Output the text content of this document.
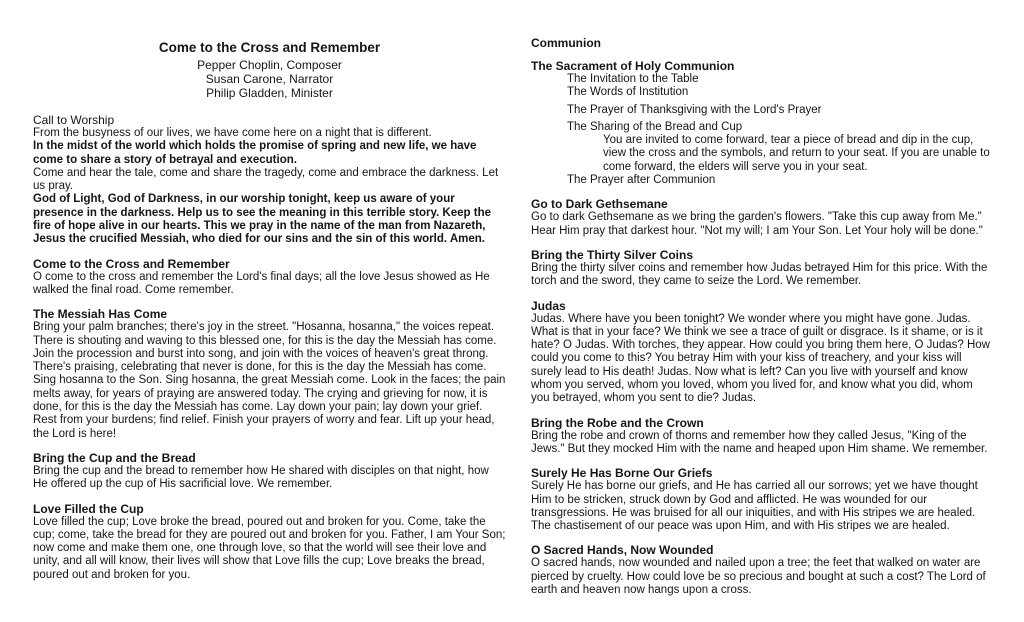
Come to the Cross and Remember
Pepper Choplin, Composer
Susan Carone, Narrator
Philip Gladden, Minister
Call to Worship

From the busyness of our lives, we have come here on a night that is different.

In the midst of the world which holds the promise of spring and new life, we have come to share a story of betrayal and execution.

Come and hear the tale, come and share the tragedy, come and embrace the darkness. Let us pray.

God of Light, God of Darkness, in our worship tonight, keep us aware of your presence in the darkness. Help us to see the meaning in this terrible story. Keep the fire of hope alive in our hearts. This we pray in the name of the man from Nazareth, Jesus the crucified Messiah, who died for our sins and the sin of this world. Amen.

Come to the Cross and Remember

O come to the cross and remember the Lord's final days; all the love Jesus showed as He walked the final road. Come remember.

The Messiah Has Come

Bring your palm branches; there's joy in the street. "Hosanna, hosanna," the voices repeat. There is shouting and waving to this blessed one, for this is the day the Messiah has come. Join the procession and burst into song, and join with the voices of heaven's great throng. There's praising, celebrating that never is done, for this is the day the Messiah has come. Sing hosanna to the Son. Sing hosanna, the great Messiah come. Look in the faces; the pain melts away, for years of praying are answered today. The crying and grieving for now, it is done, for this is the day the Messiah has come. Lay down your pain; lay down your grief. Rest from your burdens; find relief. Finish your prayers of worry and fear. Lift up your head, the Lord is here!

Bring the Cup and the Bread

Bring the cup and the bread to remember how He shared with disciples on that night, how He offered up the cup of His sacrificial love. We remember.

Love Filled the Cup

Love filled the cup; Love broke the bread, poured out and broken for you. Come, take the cup; come, take the bread for they are poured out and broken for you. Father, I am Your Son; now come and make them one, one through love, so that the world will see their love and unity, and all will know, their lives will show that Love fills the cup; Love breaks the bread, poured out and broken for you.

Communion
The Sacrament of Holy Communion
The Invitation to the Table
The Words of Institution
The Prayer of Thanksgiving with the Lord's Prayer
The Sharing of the Bread and Cup

You are invited to come forward, tear a piece of bread and dip in the cup, view the cross and the symbols, and return to your seat. If you are unable to come forward, the elders will serve you in your seat.

The Prayer after Communion
Go to Dark Gethsemane

Go to dark Gethsemane as we bring the garden's flowers. "Take this cup away from Me." Hear Him pray that darkest hour. "Not my will; I am Your Son. Let Your holy will be done."

Bring the Thirty Silver Coins

Bring the thirty silver coins and remember how Judas betrayed Him for this price. With the torch and the sword, they came to seize the Lord. We remember.

Judas

Judas. Where have you been tonight? We wonder where you might have gone. Judas. What is that in your face? We think we see a trace of guilt or disgrace. Is it shame, or is it hate? O Judas. With torches, they appear. How could you bring them here, O Judas? How could you come to this? You betray Him with your kiss of treachery, and your kiss will surely lead to His death! Judas. Now what is left? Can you live with yourself and know whom you served, whom you loved, whom you lived for, and know what you did, whom you betrayed, whom you sent to die? Judas.

Bring the Robe and the Crown

Bring the robe and crown of thorns and remember how they called Jesus, "King of the Jews." But they mocked Him with the name and heaped upon Him shame. We remember.

Surely He Has Borne Our Griefs

Surely He has borne our griefs, and He has carried all our sorrows; yet we have thought Him to be stricken, struck down by God and afflicted. He was wounded for our transgressions. He was bruised for all our iniquities, and with His stripes we are healed. The chastisement of our peace was upon Him, and with His stripes we are healed.

O Sacred Hands, Now Wounded

O sacred hands, now wounded and nailed upon a tree; the feet that walked on water are pierced by cruelty. How could love be so precious and bought at such a cost? The Lord of earth and heaven now hangs upon a cross.
